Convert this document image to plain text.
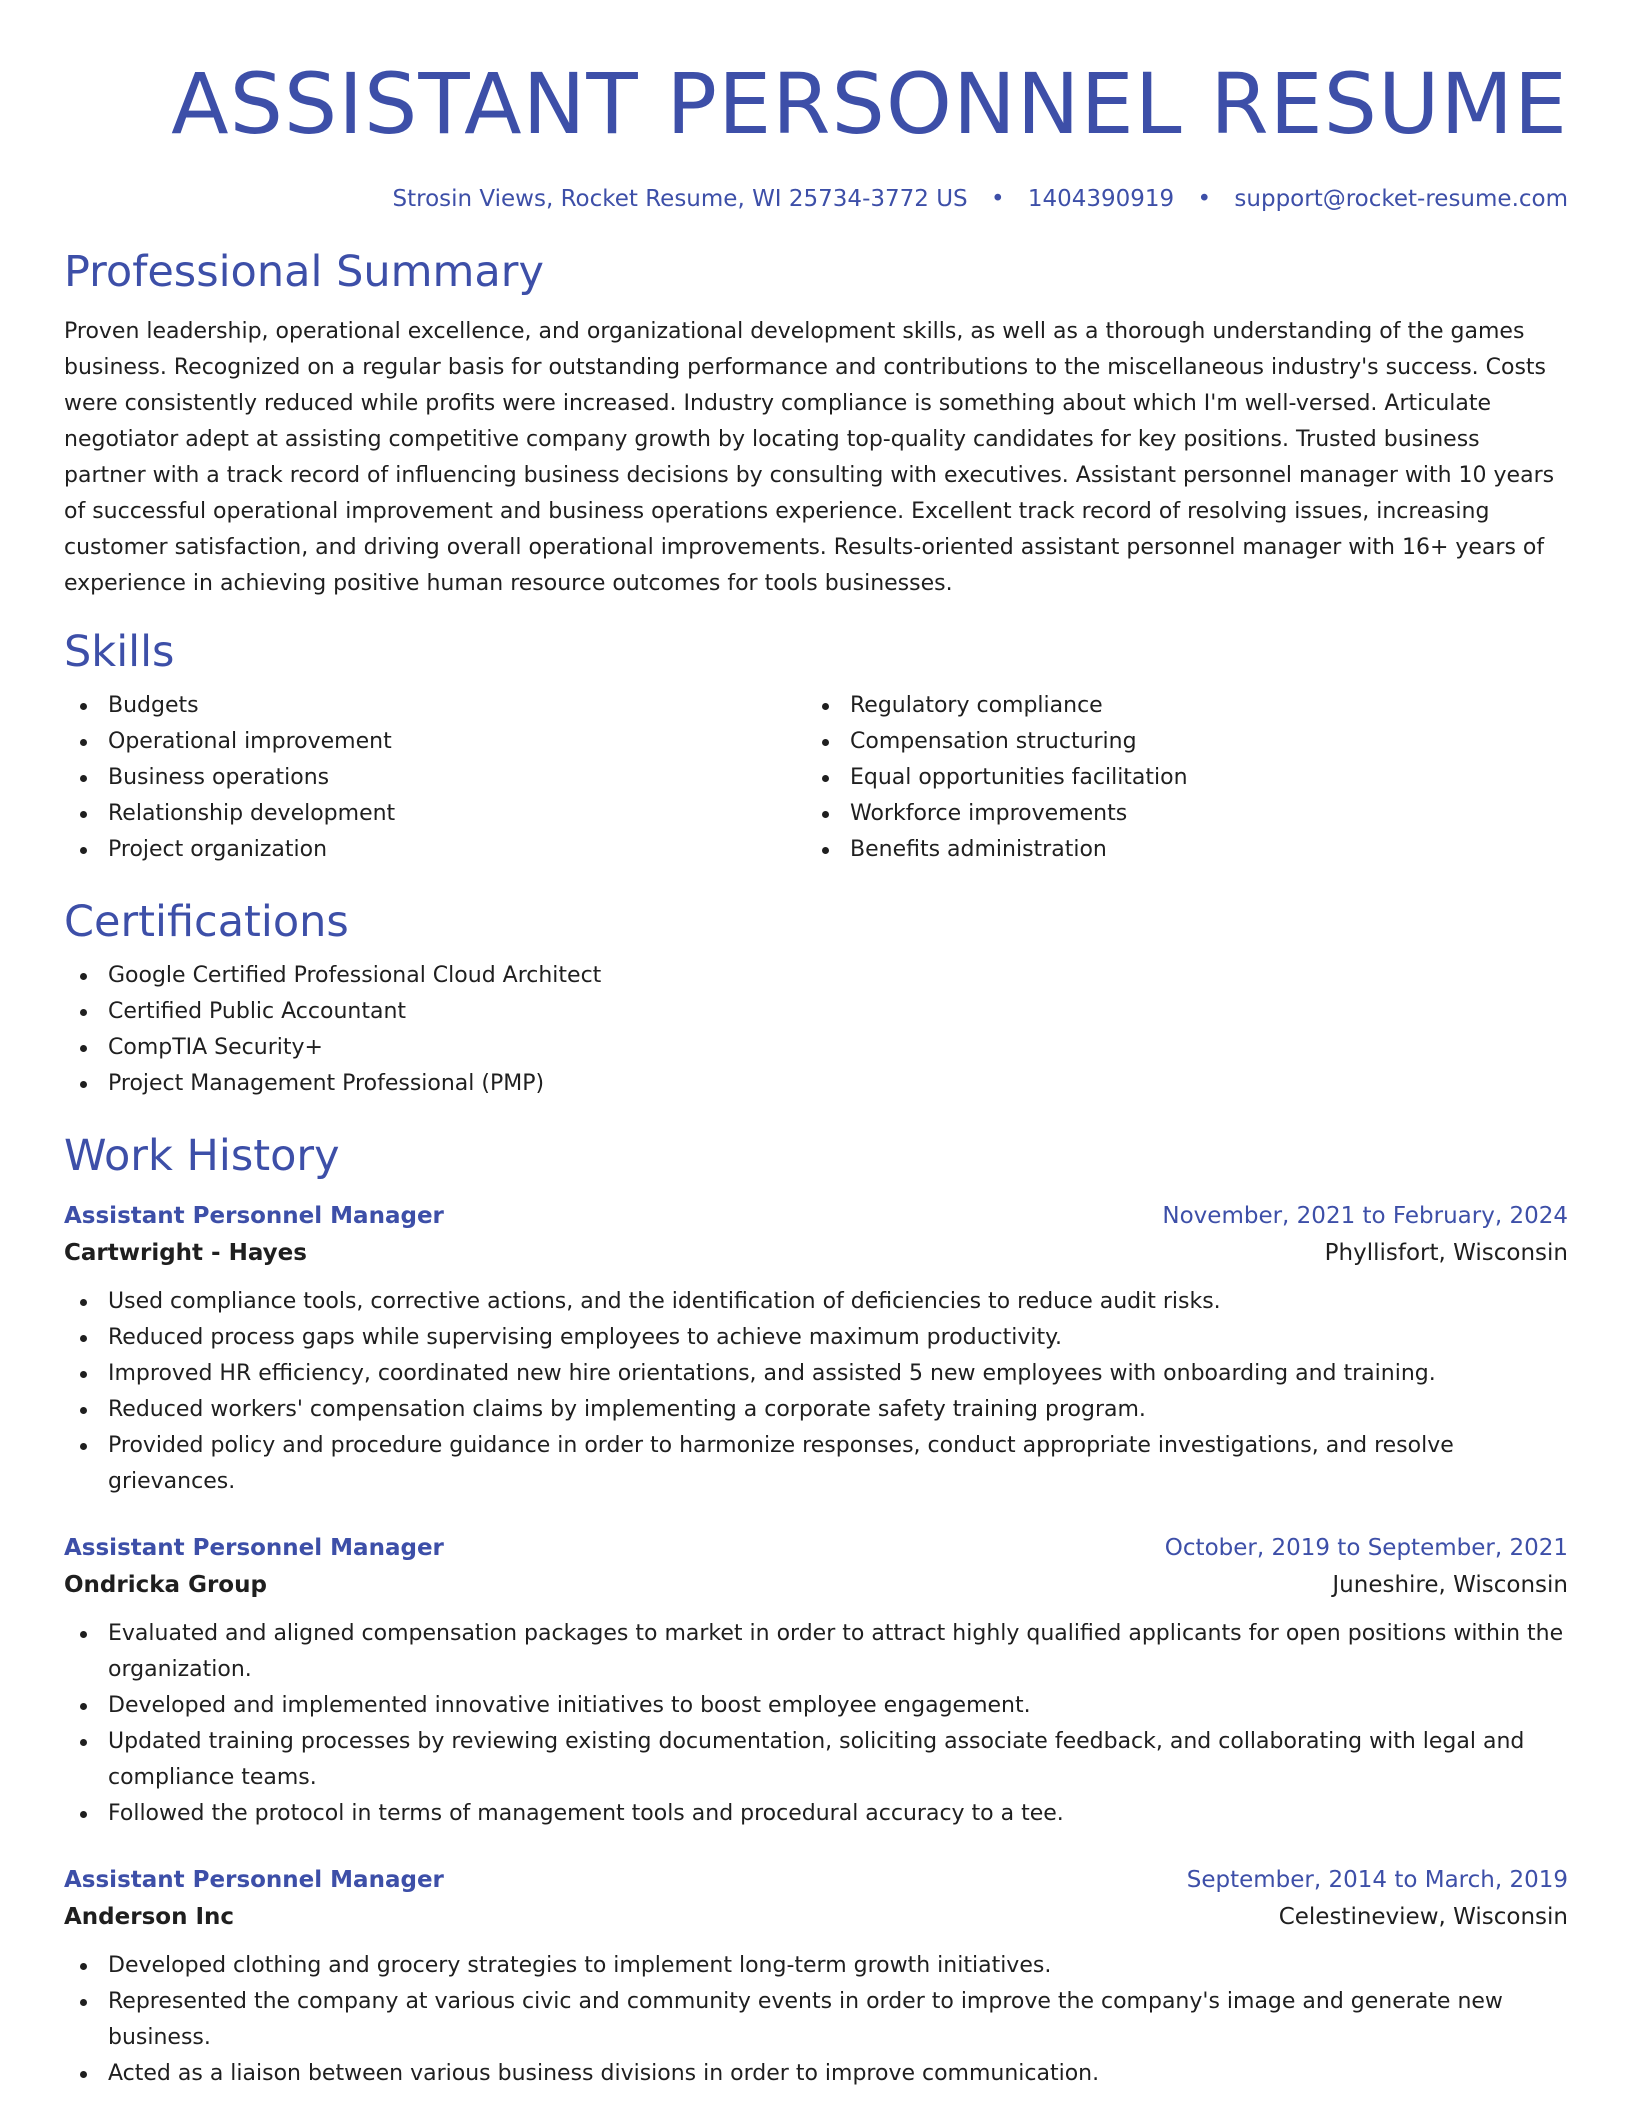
ASSISTANT PERSONNEL RESUME
Strosin Views, Rocket Resume, WI 25734-3772 US • 1404390919 • support@rocket-resume.com
Professional Summary

Proven leadership, operational excellence, and organizational development skills, as well as a thorough understanding of the games business. Recognized on a regular basis for outstanding performance and contributions to the miscellaneous industry's success. Costs were consistently reduced while profits were increased. Industry compliance is something about which I'm well-versed. Articulate negotiator adept at assisting competitive company growth by locating top-quality candidates for key positions. Trusted business partner with a track record of influencing business decisions by consulting with executives. Assistant personnel manager with 10 years of successful operational improvement and business operations experience. Excellent track record of resolving issues, increasing customer satisfaction, and driving overall operational improvements. Results-oriented assistant personnel manager with 16+ years of experience in achieving positive human resource outcomes for tools businesses.

Skills
Budgets
Operational improvement
Business operations
Relationship development
Project organization
Regulatory compliance
Compensation structuring
Equal opportunities facilitation
Workforce improvements
Benefits administration
Certifications
Google Certified Professional Cloud Architect
Certified Public Accountant
CompTIA Security+
Project Management Professional (PMP)
Work History
Assistant Personnel Manager	November, 2021 to February, 2024
Cartwright - Hayes	Phyllisfort, Wisconsin
Used compliance tools, corrective actions, and the identification of deficiencies to reduce audit risks.
Reduced process gaps while supervising employees to achieve maximum productivity.
Improved HR efficiency, coordinated new hire orientations, and assisted 5 new employees with onboarding and training.
Reduced workers' compensation claims by implementing a corporate safety training program.
Provided policy and procedure guidance in order to harmonize responses, conduct appropriate investigations, and resolve grievances.
Assistant Personnel Manager	October, 2019 to September, 2021
Ondricka Group	Juneshire, Wisconsin
Evaluated and aligned compensation packages to market in order to attract highly qualified applicants for open positions within the organization.
Developed and implemented innovative initiatives to boost employee engagement.
Updated training processes by reviewing existing documentation, soliciting associate feedback, and collaborating with legal and compliance teams.
Followed the protocol in terms of management tools and procedural accuracy to a tee.
Assistant Personnel Manager	September, 2014 to March, 2019
Anderson Inc	Celestineview, Wisconsin
Developed clothing and grocery strategies to implement long-term growth initiatives.
Represented the company at various civic and community events in order to improve the company's image and generate new business.
Acted as a liaison between various business divisions in order to improve communication.
